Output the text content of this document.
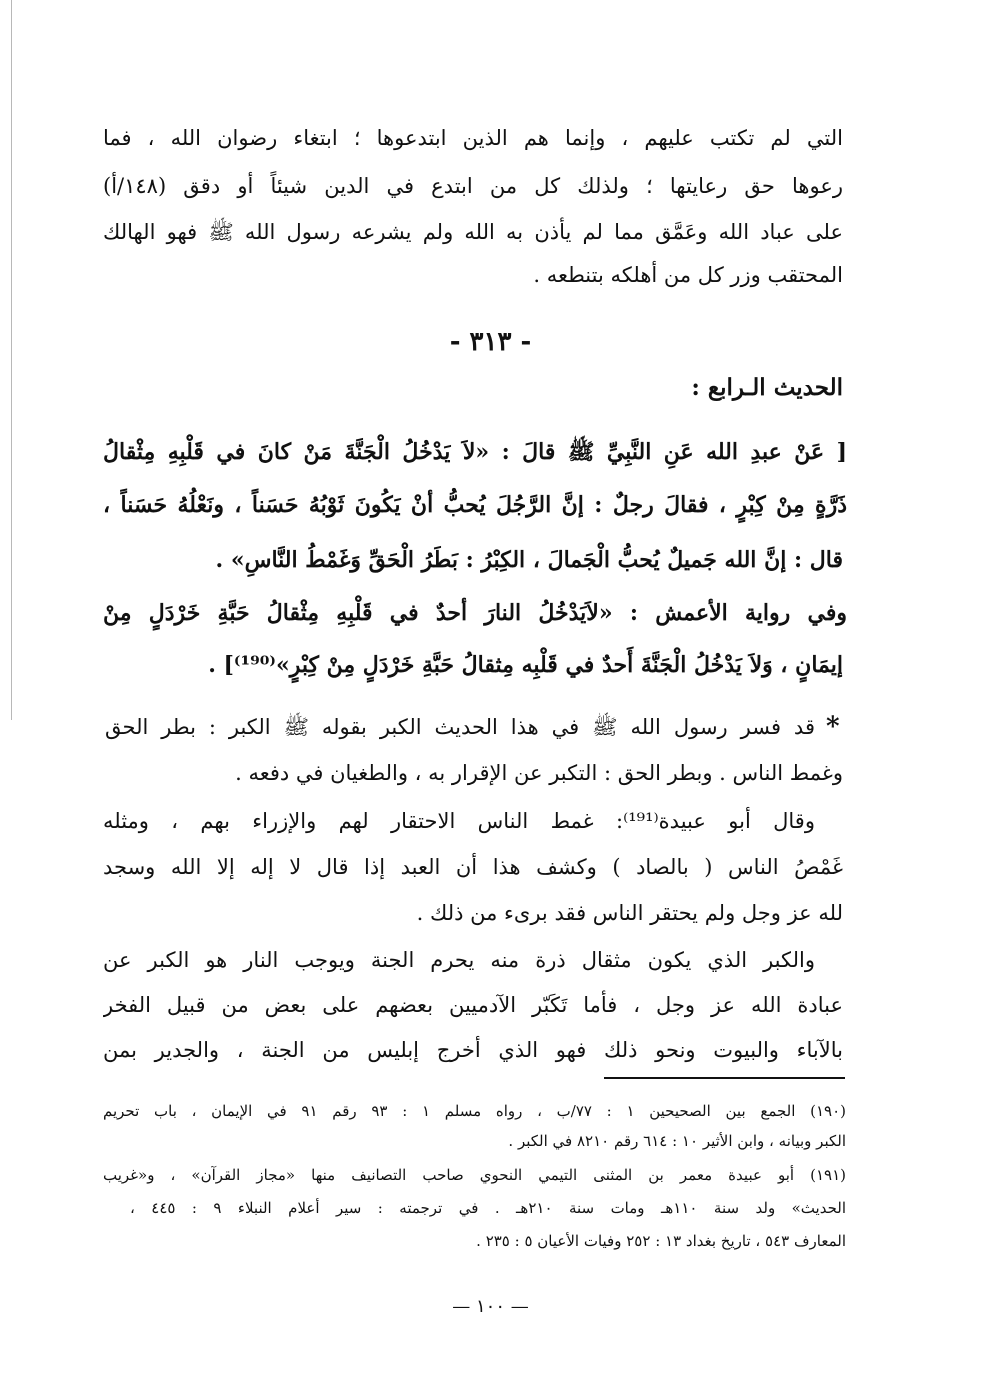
التي لم تكتب عليهم ، وإنما هم الذين ابتدعوها ؛ ابتغاء رضوان الله ، فما
رعوها حق رعايتها ؛ ولذلك كل من ابتدع في الدين شيئاً أو دقق (١٤٨/أ)
على عباد الله وعَمَّق مما لم يأذن به الله ولم يشرعه رسول الله ﷺ فهو الهالك
المحتقب وزر كل من أهلكه بتنطعه .
- ٣١٣ -
الحديث الـرابع :
[ عَنْ عبدِ الله عَنِ النَّبِيِّ ﷺ قالَ : «لاَ يَدْخُلُ الْجَنَّةَ مَنْ كانَ في قَلْبِهِ مِثْقالُ
ذَرَّةٍ مِنْ كِبْرٍ ، فقالَ رجلٌ : إنَّ الرَّجُلَ يُحبُّ أنْ يَكُونَ ثَوْبُهُ حَسَناً ، ونَعْلُهُ حَسَناً ،
قال : إنَّ الله جَميلٌ يُحبُّ الْجَمالَ ، الكِبْرُ : بَطَرُ الْحَقِّ وَغَمْطُ النَّاسِ» .
وفي رواية الأعمش : «لاَيَدْخُلُ النارَ أحدٌ في قَلْبِهِ مِثْقالُ حَبَّةِ خَرْدَلٍ مِنْ
إيمَانٍ ، وَلاَ يَدْخُلُ الْجَنَّةَ أَحدٌ في قَلْبِه مِثقالُ حَبَّةِ خَرْدَلٍ مِنْ كِبْرٍ»⁽¹⁹⁰⁾] .
*
قد فسر رسول الله ﷺ في هذا الحديث الكبر بقوله ﷺ الكبر : بطر الحق
وغمط الناس . وبطر الحق : التكبر عن الإقرار به ، والطغيان في دفعه .
وقال أبو عبيدة⁽¹⁹¹⁾: غمط الناس الاحتقار لهم والإزراء بهم ، ومثله
غَمْصُ الناس ( بالصاد ) وكشف هذا أن العبد إذا قال لا إله إلا الله وسجد
لله عز وجل ولم يحتقر الناس فقد برىء من ذلك .
والكبر الذي يكون مثقال ذرة منه يحرم الجنة ويوجب النار هو الكبر عن
عبادة الله عز وجل ، فأما تَكَبّر الآدميين بعضهم على بعض من قبيل الفخر
بالآباء والبيوت ونحو ذلك فهو الذي أخرج إبليس من الجنة ، والجدير بمن
(١٩٠) الجمع بين الصحيحين ١ : ٧٧/ب ، رواه مسلم ١ : ٩٣ رقم ٩١ في الإيمان ، باب تحريم
الكبر وبيانه ، وابن الأثير ١٠ : ٦١٤ رقم ٨٢١٠ في الكبر .
(١٩١) أبو عبيدة معمر بن المثنى التيمي النحوي صاحب التصانيف منها «مجاز القرآن» ، و«غريب
الحديث» ولد سنة ١١٠هـ ومات سنة ٢١٠هـ . في ترجمته : سير أعلام النبلاء ٩ : ٤٤٥ ،
المعارف ٥٤٣ ، تاريخ بغداد ١٣ : ٢٥٢ وفيات الأعيان ٥ : ٢٣٥ .
— ١٠٠ —
